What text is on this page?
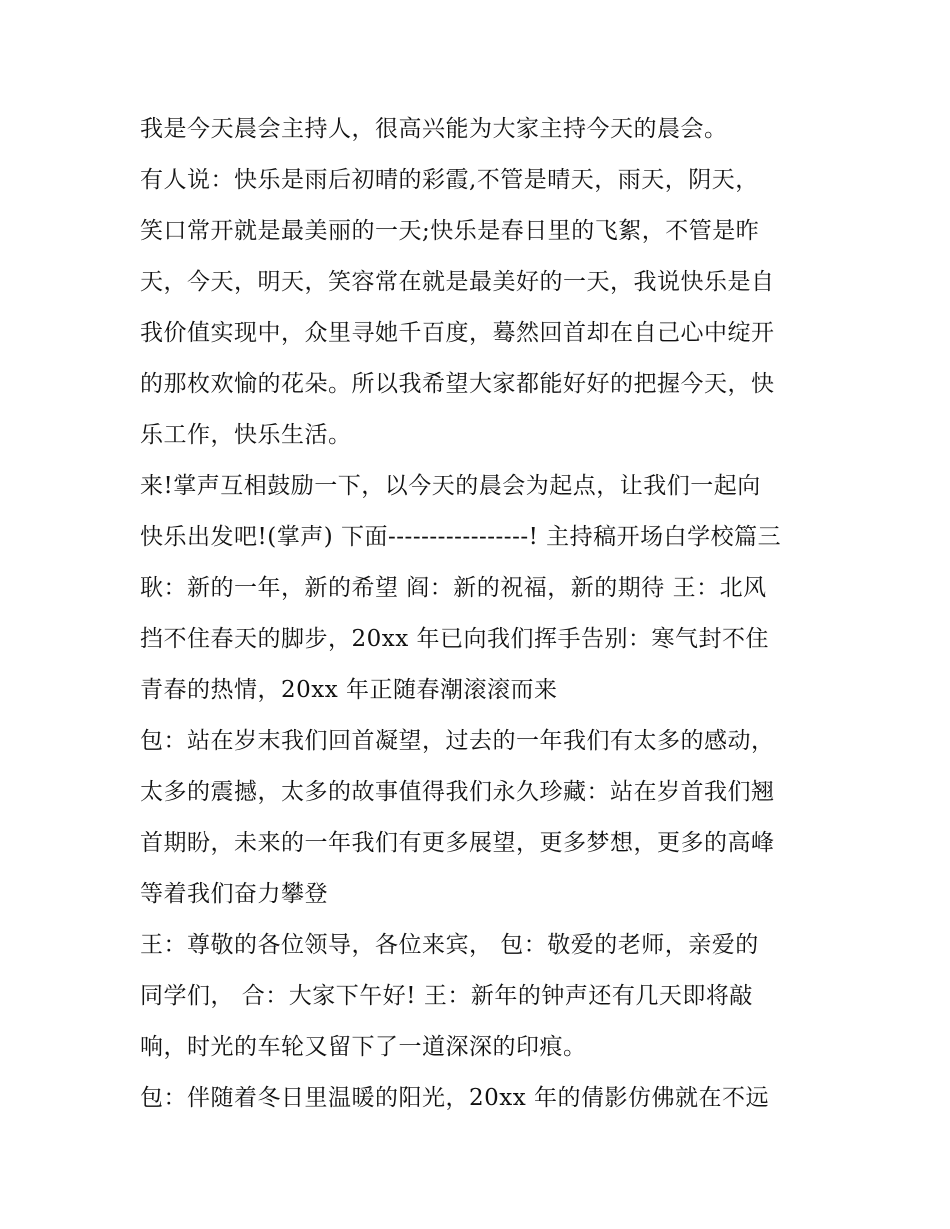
我是今天晨会主持人，很高兴能为大家主持今天的晨会。
有人说：快乐是雨后初晴的彩霞,不管是晴天，雨天，阴天，
笑口常开就是最美丽的一天;快乐是春日里的飞絮，不管是昨
天，今天，明天，笑容常在就是最美好的一天，我说快乐是自
我价值实现中，众里寻她千百度，蓦然回首却在自己心中绽开
的那枚欢愉的花朵。所以我希望大家都能好好的把握今天，快
乐工作，快乐生活。
来!掌声互相鼓励一下，以今天的晨会为起点，让我们一起向
快乐出发吧!(掌声) 下面-----------------! 主持稿开场白学校篇三
耿：新的一年，新的希望 阎：新的祝福，新的期待 王：北风
挡不住春天的脚步，20xx 年已向我们挥手告别：寒气封不住
青春的热情，20xx 年正随春潮滚滚而来
包：站在岁末我们回首凝望，过去的一年我们有太多的感动，
太多的震撼，太多的故事值得我们永久珍藏：站在岁首我们翘
首期盼，未来的一年我们有更多展望，更多梦想，更多的高峰
等着我们奋力攀登
王：尊敬的各位领导，各位来宾， 包：敬爱的老师，亲爱的
同学们， 合：大家下午好! 王：新年的钟声还有几天即将敲
响，时光的车轮又留下了一道深深的印痕。
包：伴随着冬日里温暖的阳光，20xx 年的倩影仿佛就在不远
